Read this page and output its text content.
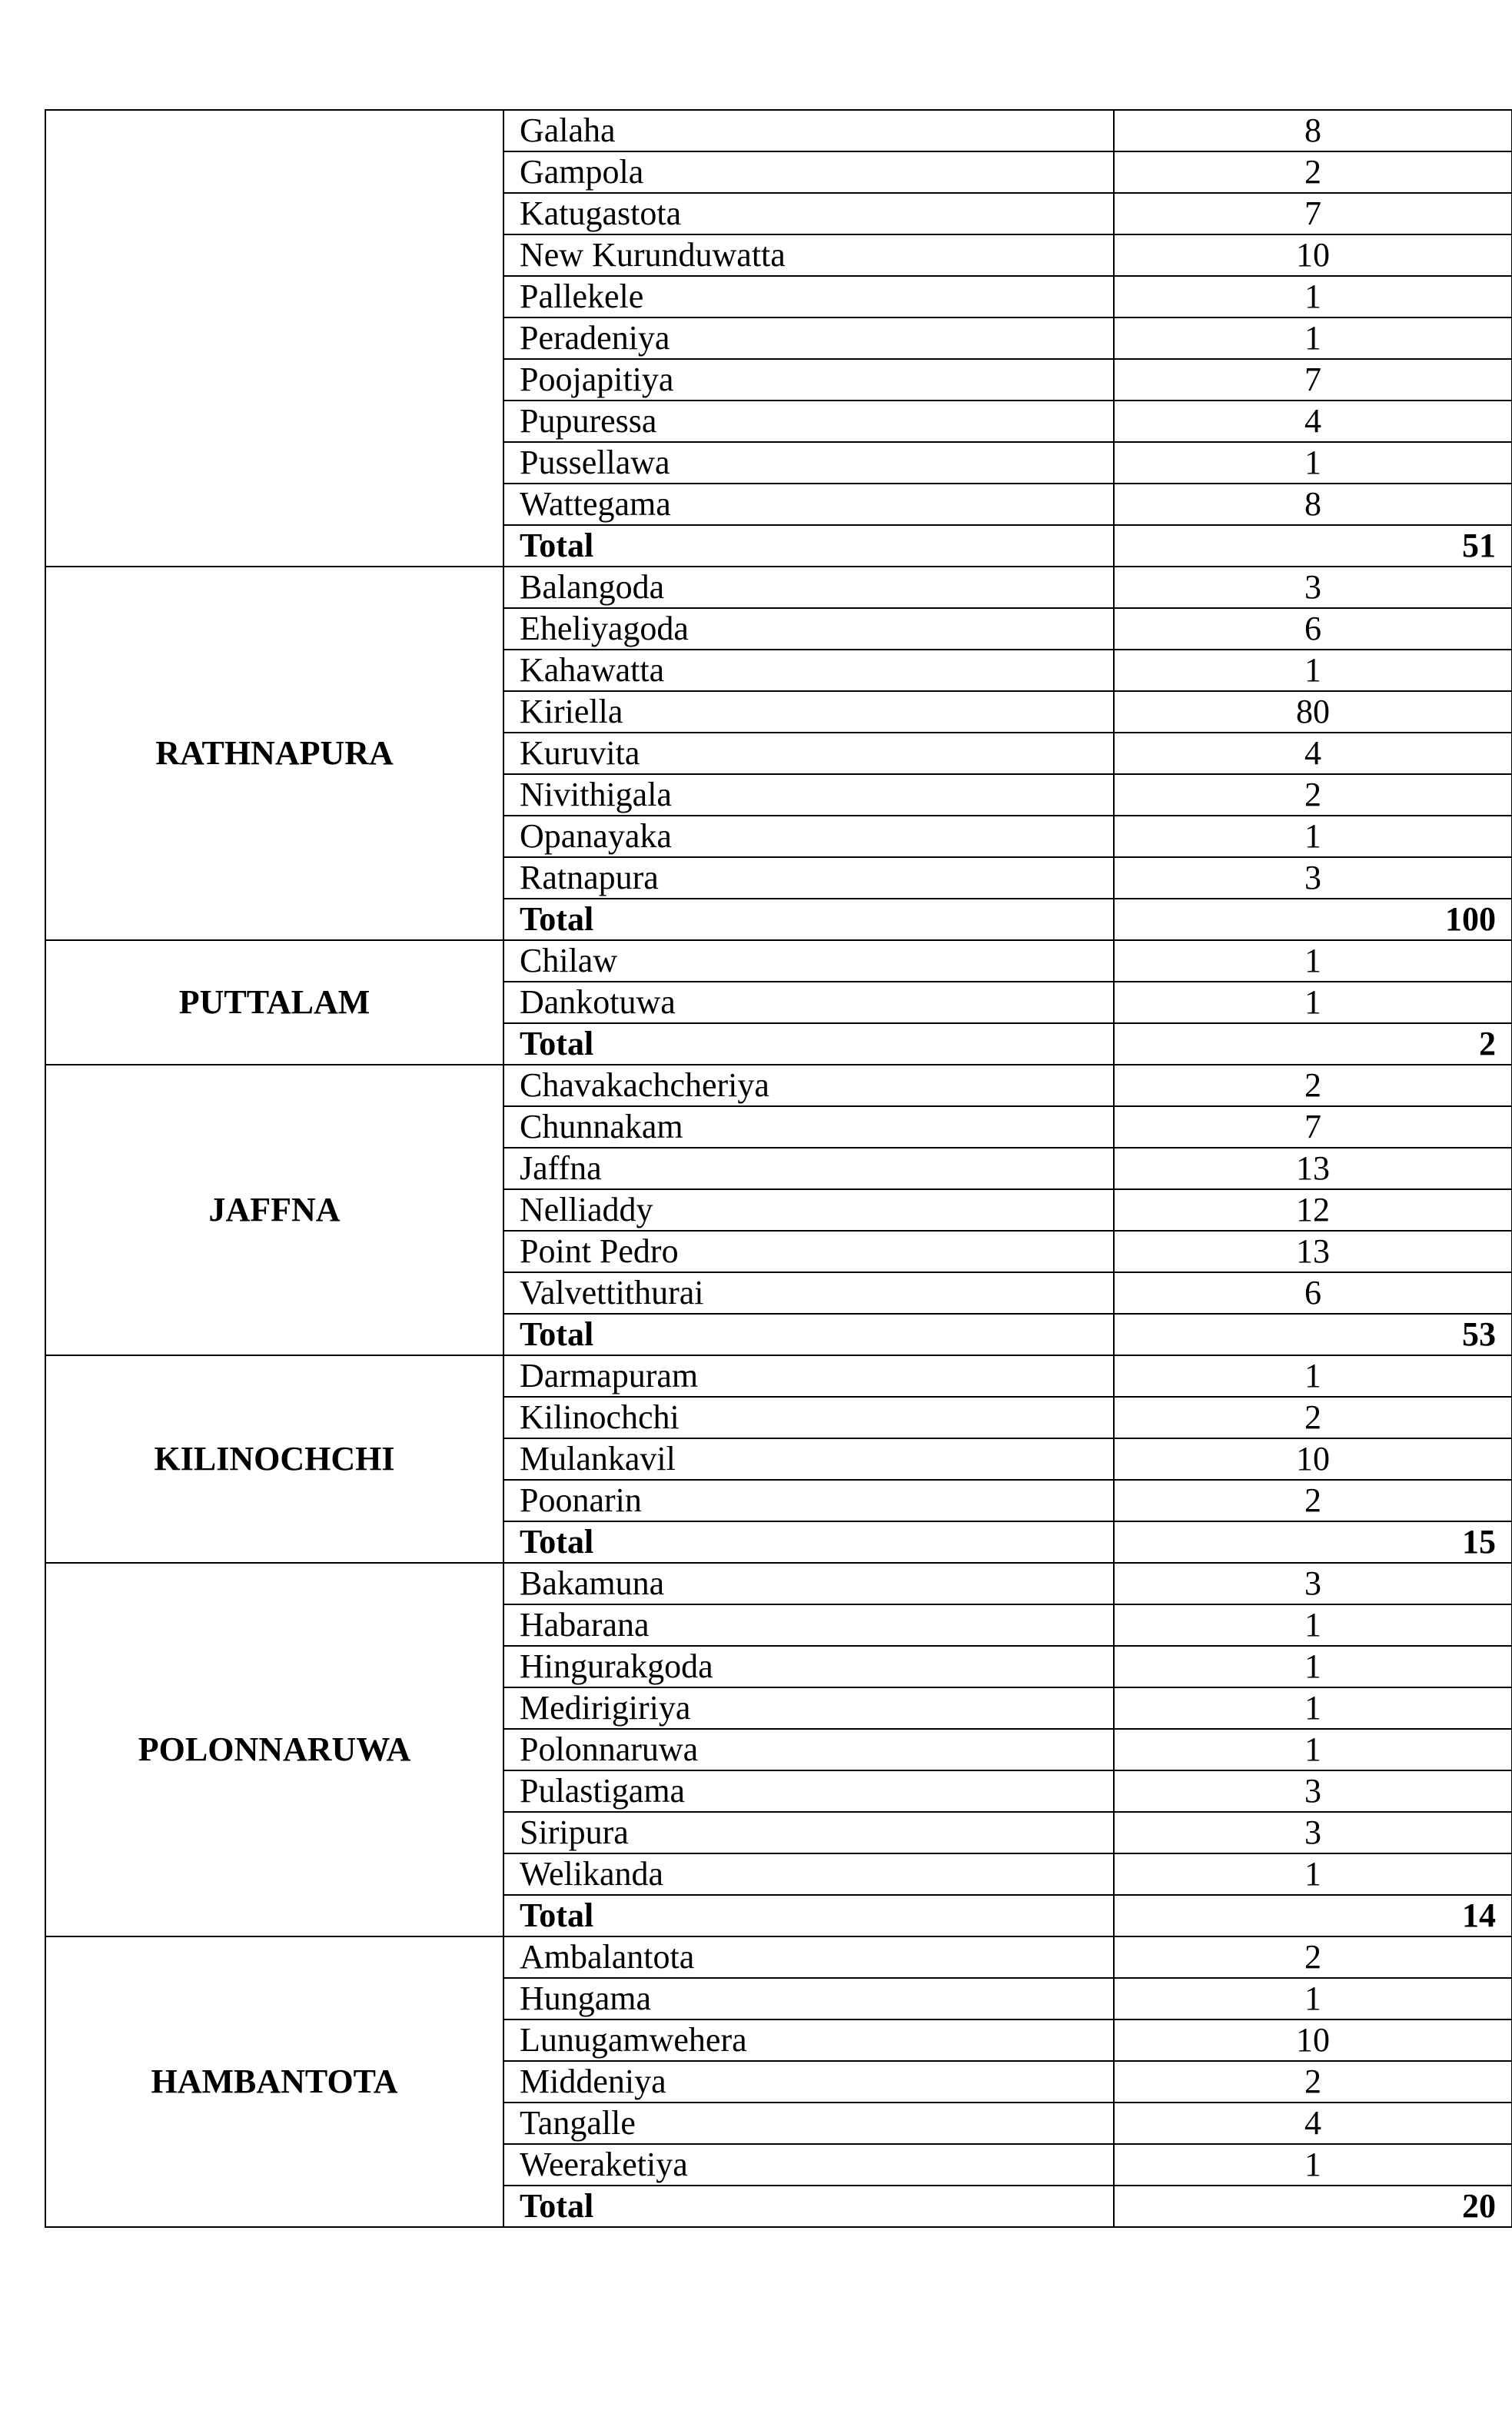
	Galaha	8
	Gampola	2
	Katugastota	7
	New Kurunduwatta	10
	Pallekele	1
	Peradeniya	1
	Poojapitiya	7
	Pupuressa	4
	Pussellawa	1
	Wattegama	8
	Total	51
RATHNAPURA	Balangoda	3
	Eheliyagoda	6
	Kahawatta	1
	Kiriella	80
	Kuruvita	4
	Nivithigala	2
	Opanayaka	1
	Ratnapura	3
	Total	100
PUTTALAM	Chilaw	1
	Dankotuwa	1
	Total	2
JAFFNA	Chavakachcheriya	2
	Chunnakam	7
	Jaffna	13
	Nelliaddy	12
	Point Pedro	13
	Valvettithurai	6
	Total	53
KILINOCHCHI	Darmapuram	1
	Kilinochchi	2
	Mulankavil	10
	Poonarin	2
	Total	15
POLONNARUWA	Bakamuna	3
	Habarana	1
	Hingurakgoda	1
	Medirigiriya	1
	Polonnaruwa	1
	Pulastigama	3
	Siripura	3
	Welikanda	1
	Total	14
HAMBANTOTA	Ambalantota	2
	Hungama	1
	Lunugamwehera	10
	Middeniya	2
	Tangalle	4
	Weeraketiya	1
	Total	20
